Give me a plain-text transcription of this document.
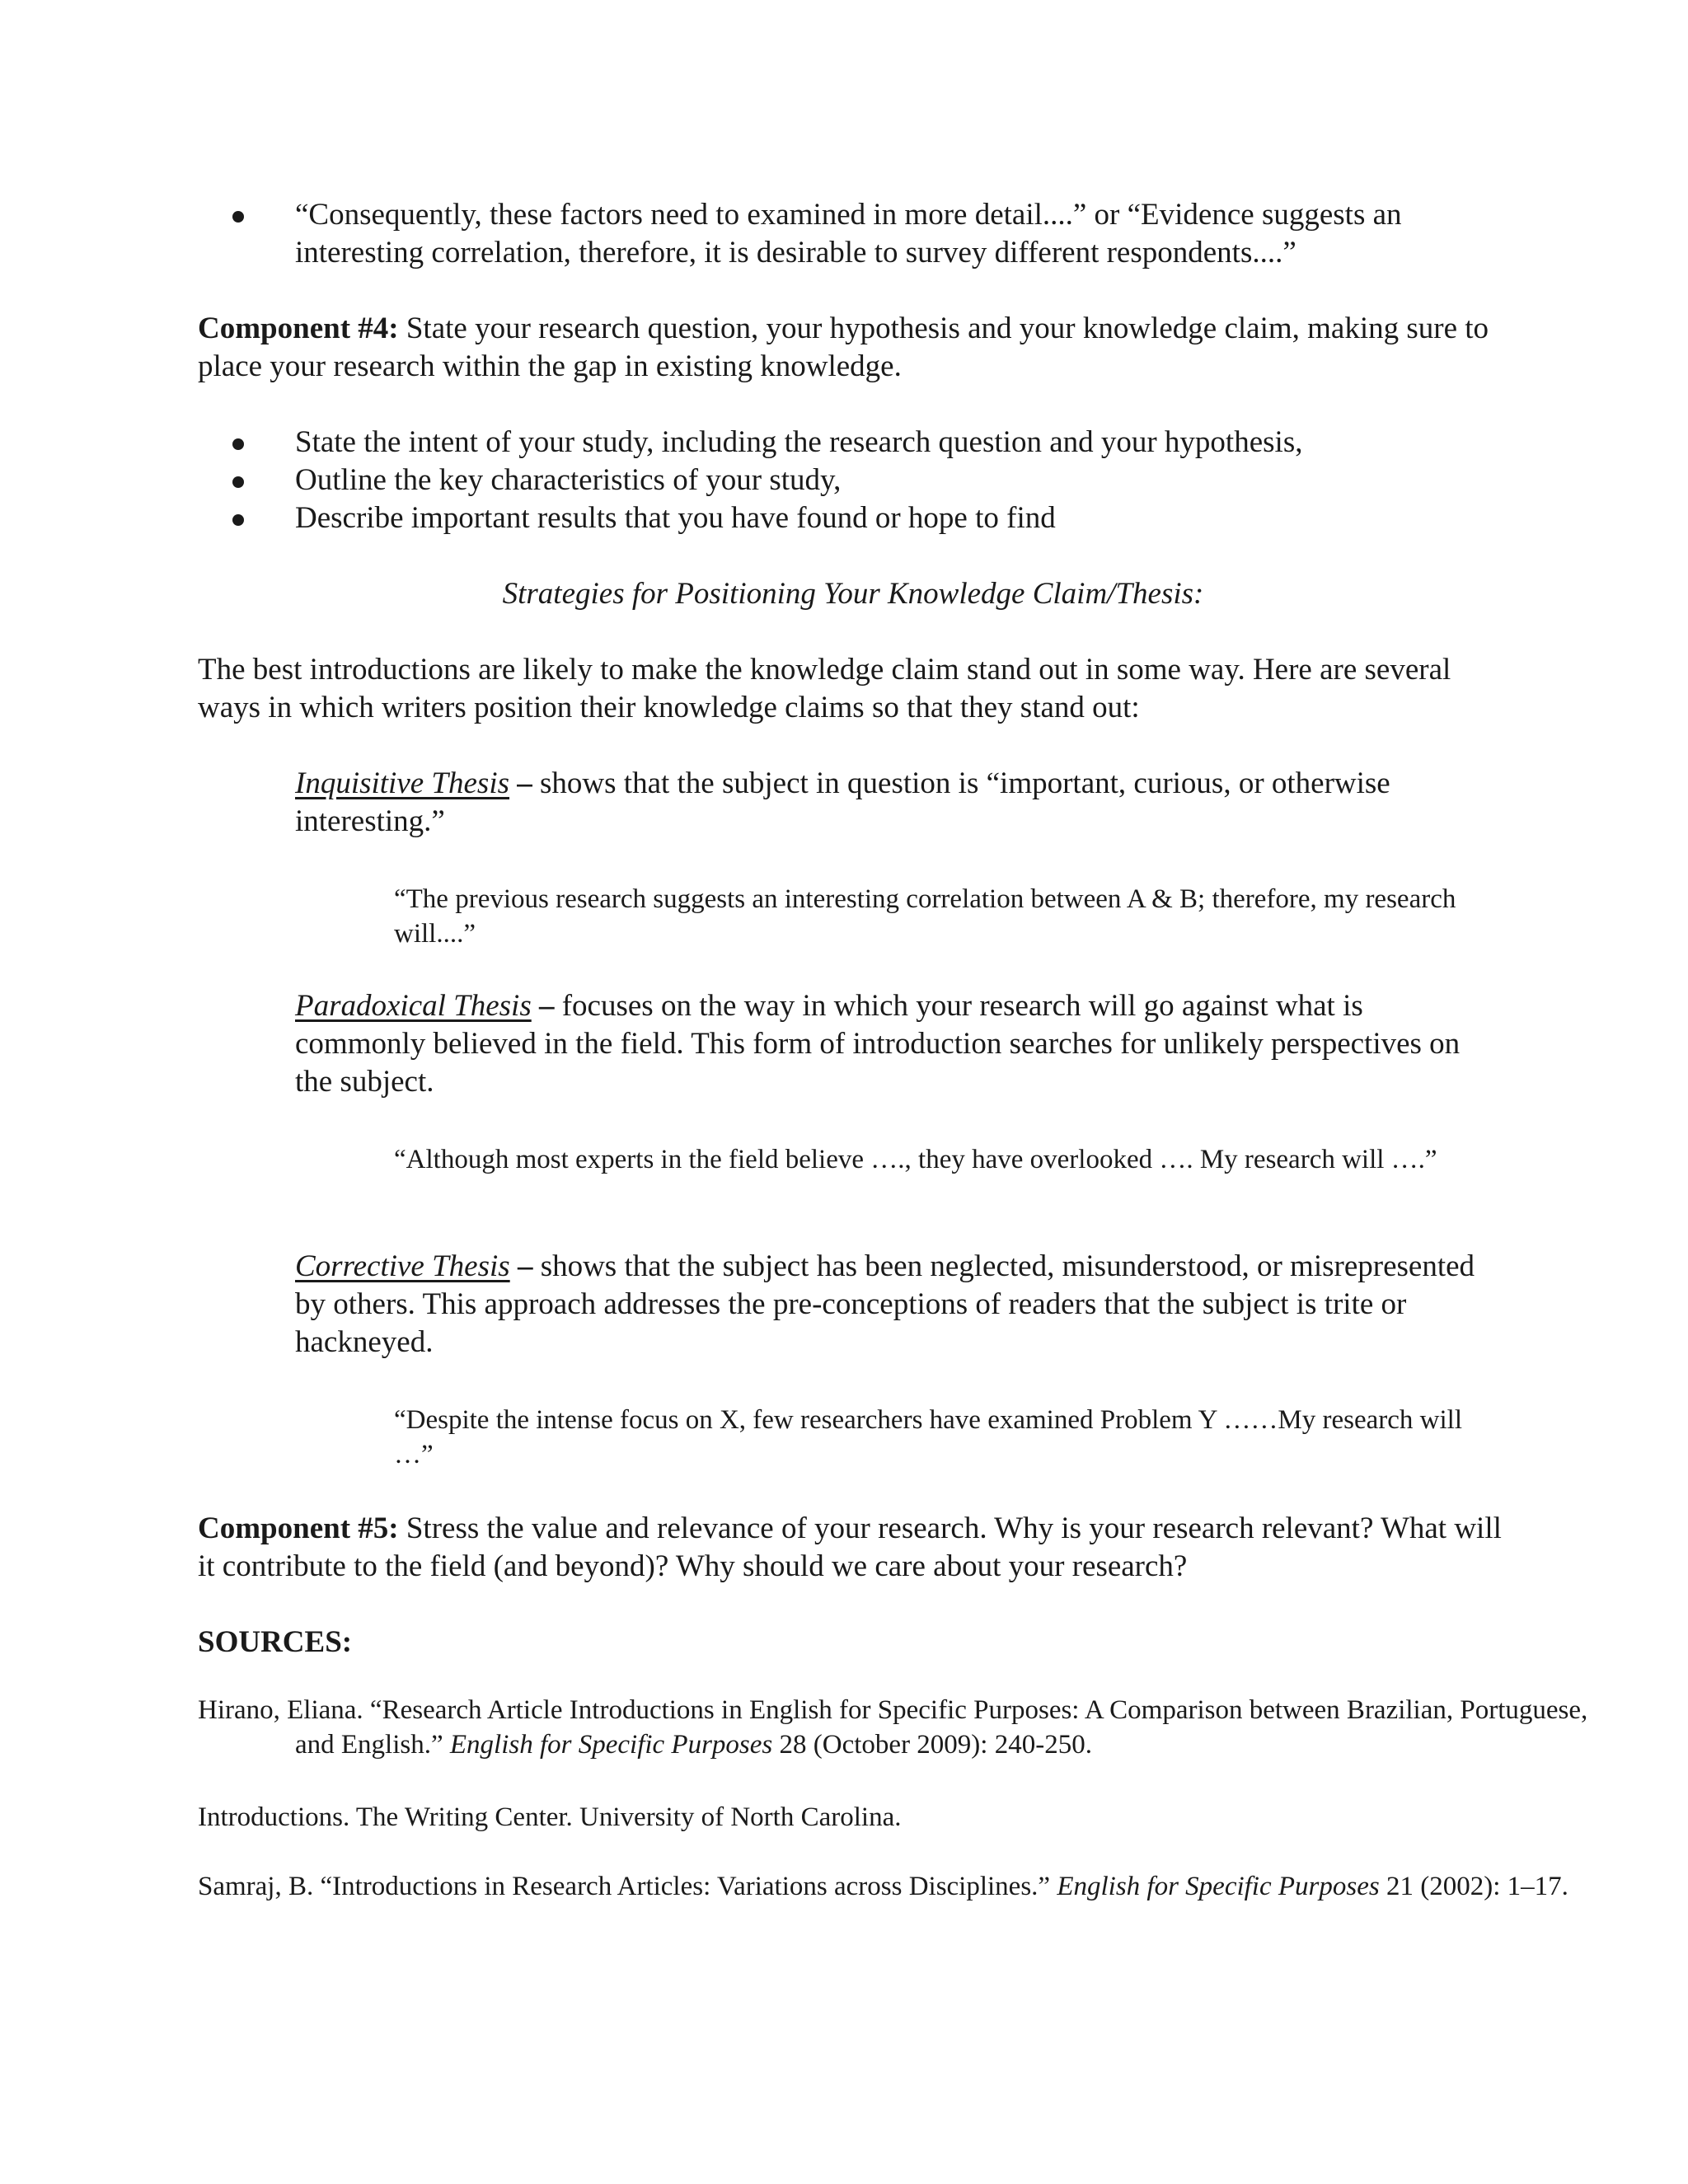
“Consequently, these factors need to examined in more detail....” or “Evidence suggests an interesting correlation, therefore, it is desirable to survey different respondents....”

Component #4: State your research question, your hypothesis and your knowledge claim, making sure to place your research within the gap in existing knowledge.

State the intent of your study, including the research question and your hypothesis,

Outline the key characteristics of your study,

Describe important results that you have found or hope to find

Strategies for Positioning Your Knowledge Claim/Thesis:

The best introductions are likely to make the knowledge claim stand out in some way. Here are several ways in which writers position their knowledge claims so that they stand out:

Inquisitive Thesis – shows that the subject in question is “important, curious, or otherwise interesting.”

“The previous research suggests an interesting correlation between A & B; therefore, my research will....”

Paradoxical Thesis – focuses on the way in which your research will go against what is commonly believed in the field. This form of introduction searches for unlikely perspectives on the subject.

“Although most experts in the field believe …., they have overlooked …. My research will ….”

Corrective Thesis – shows that the subject has been neglected, misunderstood, or misrepresented by others. This approach addresses the pre-conceptions of readers that the subject is trite or hackneyed.

“Despite the intense focus on X, few researchers have examined Problem Y ……My research will …”

Component #5: Stress the value and relevance of your research. Why is your research relevant? What will it contribute to the field (and beyond)? Why should we care about your research?

SOURCES:

Hirano, Eliana. “Research Article Introductions in English for Specific Purposes: A Comparison between Brazilian, Portuguese, and English.” English for Specific Purposes 28 (October 2009): 240-250.

Introductions. The Writing Center. University of North Carolina.

Samraj, B. “Introductions in Research Articles: Variations across Disciplines.” English for Specific Purposes 21 (2002): 1–17.
